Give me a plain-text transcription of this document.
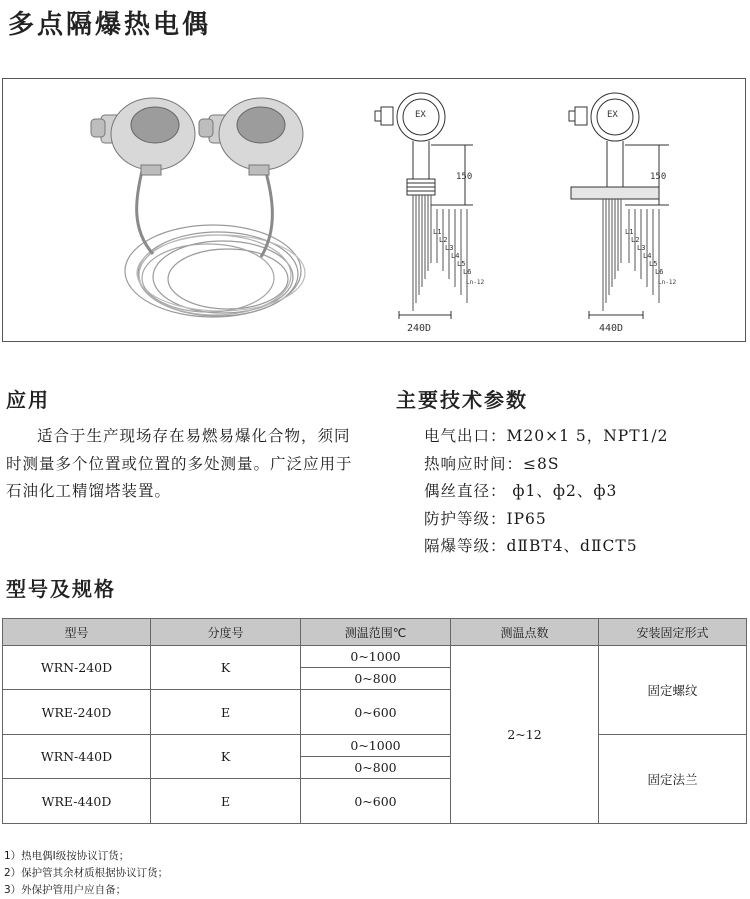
多点隔爆热电偶
EX	EX
150	150
240D	440D
L1
L2
L3
L4
L5
L6
Ln-12
L1
L2
L3
L4
L5
L6
Ln-12
应用
适合于生产现场存在易燃易爆化合物，须同时测量多个位置或位置的多处测量。广泛应用于石油化工精馏塔装置。
主要技术参数
电气出口：M20×1 5，NPT1/2
热响应时间：≤8S
偶丝直径： ф1、ф2、ф3
防护等级：IP65
隔爆等级：dⅡBT4、dⅡCT5
型号及规格
型号	分度号	测温范围℃	测温点数	安装固定形式
WRN-240D	K	0~1000	2~12	固定螺纹
		0~800		
WRE-240D	E	0~600		
WRN-440D	K	0~1000		固定法兰
		0~800		
WRE-440D	E	0~600		
1）热电偶Ⅰ级按协议订货；
2）保护管其余材质根据协议订货；
3）外保护管用户应自备；
